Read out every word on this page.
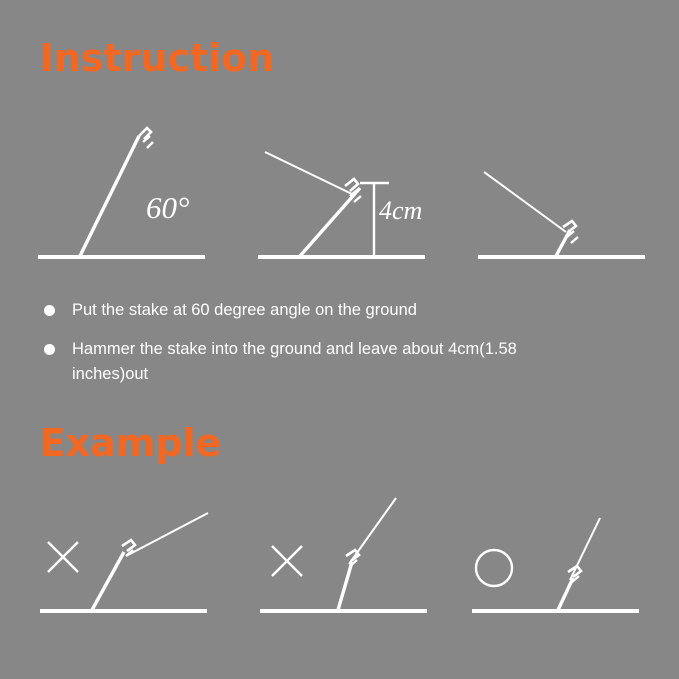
Instruction
60°	4cm
Put the stake at 60 degree angle on the ground
Hammer the stake into the ground and leave about 4cm(1.58 inches)out
Example
